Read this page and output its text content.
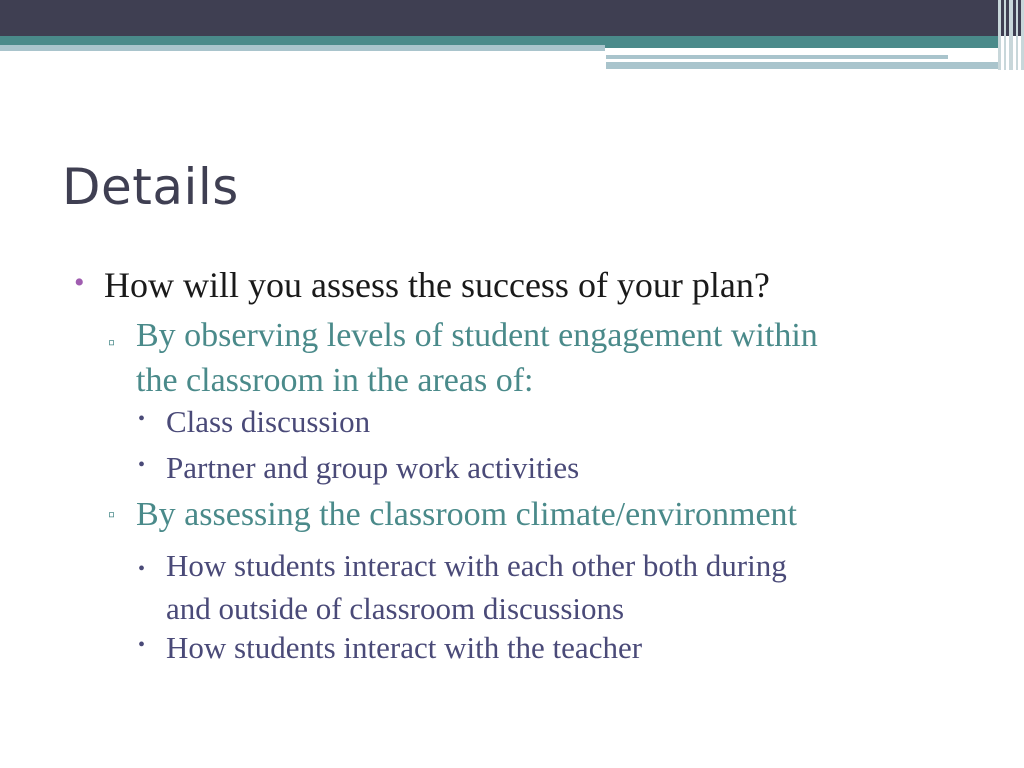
Details
• How will you assess the success of your plan?
▫ By observing levels of student engagement within
the classroom in the areas of:
• Class discussion
• Partner and group work activities
▫ By assessing the classroom climate/environment
• How students interact with each other both during
and outside of classroom discussions
• How students interact with the teacher
